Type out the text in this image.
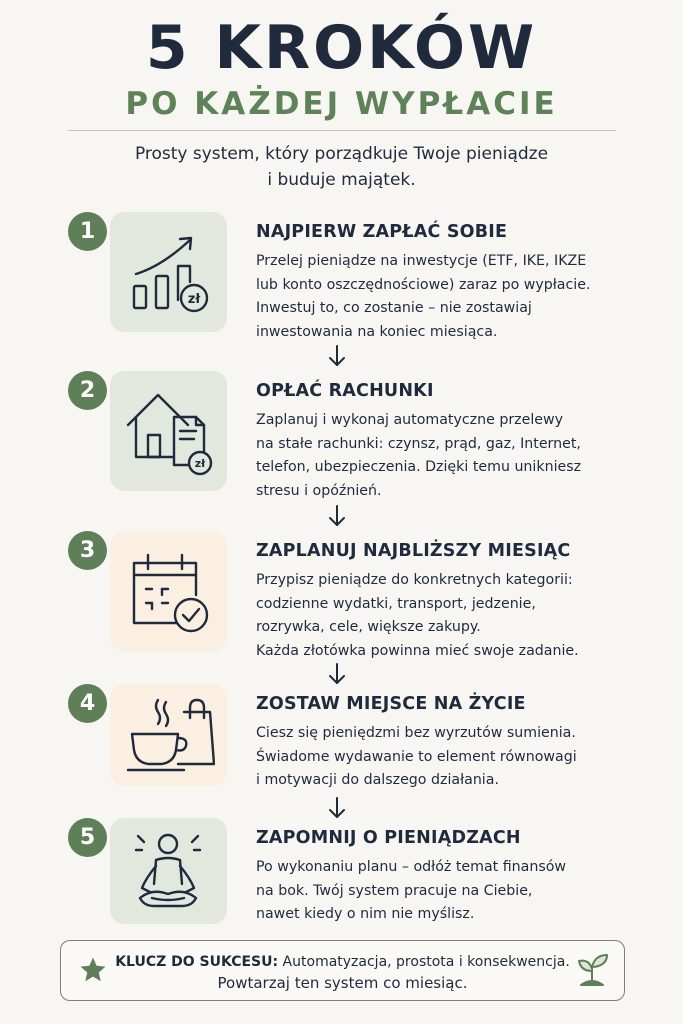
5 KROKÓW
PO KAŻDEJ WYPŁACIE
Prosty system, który porządkuje Twoje pieniądze
i buduje majątek.
1
zł
NAJPIERW ZAPŁAĆ SOBIE
Przelej pieniądze na inwestycje (ETF, IKE, IKZE
lub konto oszczędnościowe) zaraz po wypłacie.
Inwestuj to, co zostanie – nie zostawiaj
inwestowania na koniec miesiąca.
2
zł
OPŁAĆ RACHUNKI
Zaplanuj i wykonaj automatyczne przelewy
na stałe rachunki: czynsz, prąd, gaz, Internet,
telefon, ubezpieczenia. Dzięki temu unikniesz
stresu i opóźnień.
3	ZAPLANUJ NAJBLIŻSZY MIESIĄC
Przypisz pieniądze do konkretnych kategorii:
codzienne wydatki, transport, jedzenie,
rozrywka, cele, większe zakupy.
Każda złotówka powinna mieć swoje zadanie.
4	ZOSTAW MIEJSCE NA ŻYCIE
Ciesz się pieniędzmi bez wyrzutów sumienia.
Świadome wydawanie to element równowagi
i motywacji do dalszego działania.
5	ZAPOMNIJ O PIENIĄDZACH
Po wykonaniu planu – odłóż temat finansów
na bok. Twój system pracuje na Ciebie,
nawet kiedy o nim nie myślisz.
KLUCZ DO SUKCESU: Automatyzacja, prostota i konsekwencja.
Powtarzaj ten system co miesiąc.
